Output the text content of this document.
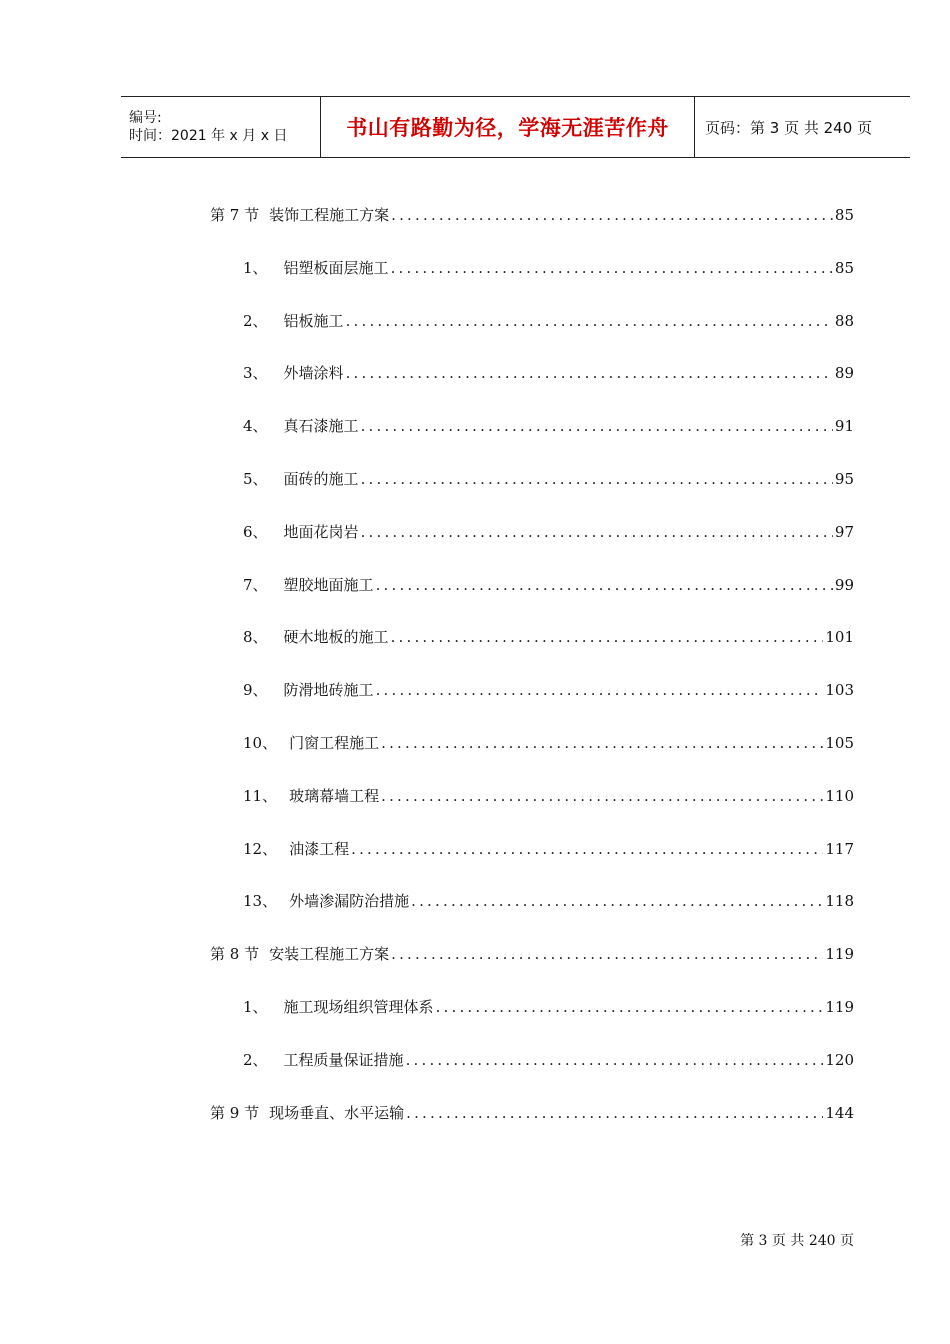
编号:
时间：2021 年 x 月 x 日	书山有路勤为径，学海无涯苦作舟 页码：第 3 页 共 240 页
第 7 节 装饰工程施工方案 .....	85
1、 铝塑板面层施工 .....	85
2、 铝板施工 .....	88
3、 外墙涂料 .....	89
4、 真石漆施工 .....	91
5、 面砖的施工 .....	95
6、 地面花岗岩 .....	97
7、 塑胶地面施工 .....	99
8、 硬木地板的施工 .....	101
9、 防滑地砖施工 .....	103
10、 门窗工程施工 .....	105
11、 玻璃幕墙工程 .....	110
12、 油漆工程 .....	117
13、 外墙渗漏防治措施 .....	118
第 8 节 安装工程施工方案 .....	119
1、 施工现场组织管理体系 .....	119
2、 工程质量保证措施 .....	120
第 9 节 现场垂直、水平运输 .....	144
第 3 页 共 240 页
